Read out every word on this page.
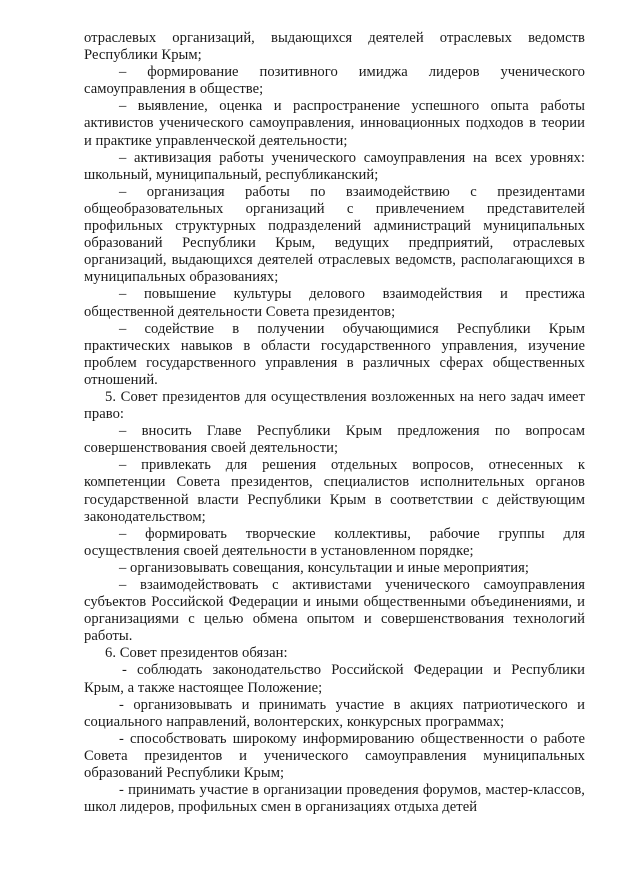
отраслевых организаций, выдающихся деятелей отраслевых ведомств Республики Крым;

– формирование позитивного имиджа лидеров ученического самоуправления в обществе;

– выявление, оценка и распространение успешного опыта работы активистов ученического самоуправления, инновационных подходов в теории и практике управленческой деятельности;

– активизация работы ученического самоуправления на всех уровнях: школьный, муниципальный, республиканский;

– организация работы по взаимодействию с президентами общеобразовательных организаций с привлечением представителей профильных структурных подразделений администраций муниципальных образований Республики Крым, ведущих предприятий, отраслевых организаций, выдающихся деятелей отраслевых ведомств, располагающихся в муниципальных образованиях;

– повышение культуры делового взаимодействия и престижа общественной деятельности Совета президентов;

– содействие в получении обучающимися Республики Крым практических навыков в области государственного управления, изучение проблем государственного управления в различных сферах общественных отношений.

5. Совет президентов для осуществления возложенных на него задач имеет право:

– вносить Главе Республики Крым предложения по вопросам совершенствования своей деятельности;

– привлекать для решения отдельных вопросов, отнесенных к компетенции Совета президентов, специалистов исполнительных органов государственной власти Республики Крым в соответствии с действующим законодательством;

– формировать творческие коллективы, рабочие группы для осуществления своей деятельности в установленном порядке;

– организовывать совещания, консультации и иные мероприятия;

– взаимодействовать с активистами ученического самоуправления субъектов Российской Федерации и иными общественными объединениями, и организациями с целью обмена опытом и совершенствования технологий работы.

6. Совет президентов обязан:

- соблюдать законодательство Российской Федерации и Республики Крым, а также настоящее Положение;

- организовывать и принимать участие в акциях патриотического и социального направлений, волонтерских, конкурсных программах;

- способствовать широкому информированию общественности о работе Совета президентов и ученического самоуправления муниципальных образований Республики Крым;

- принимать участие в организации проведения форумов, мастер-классов, школ лидеров, профильных смен в организациях отдыха детей
